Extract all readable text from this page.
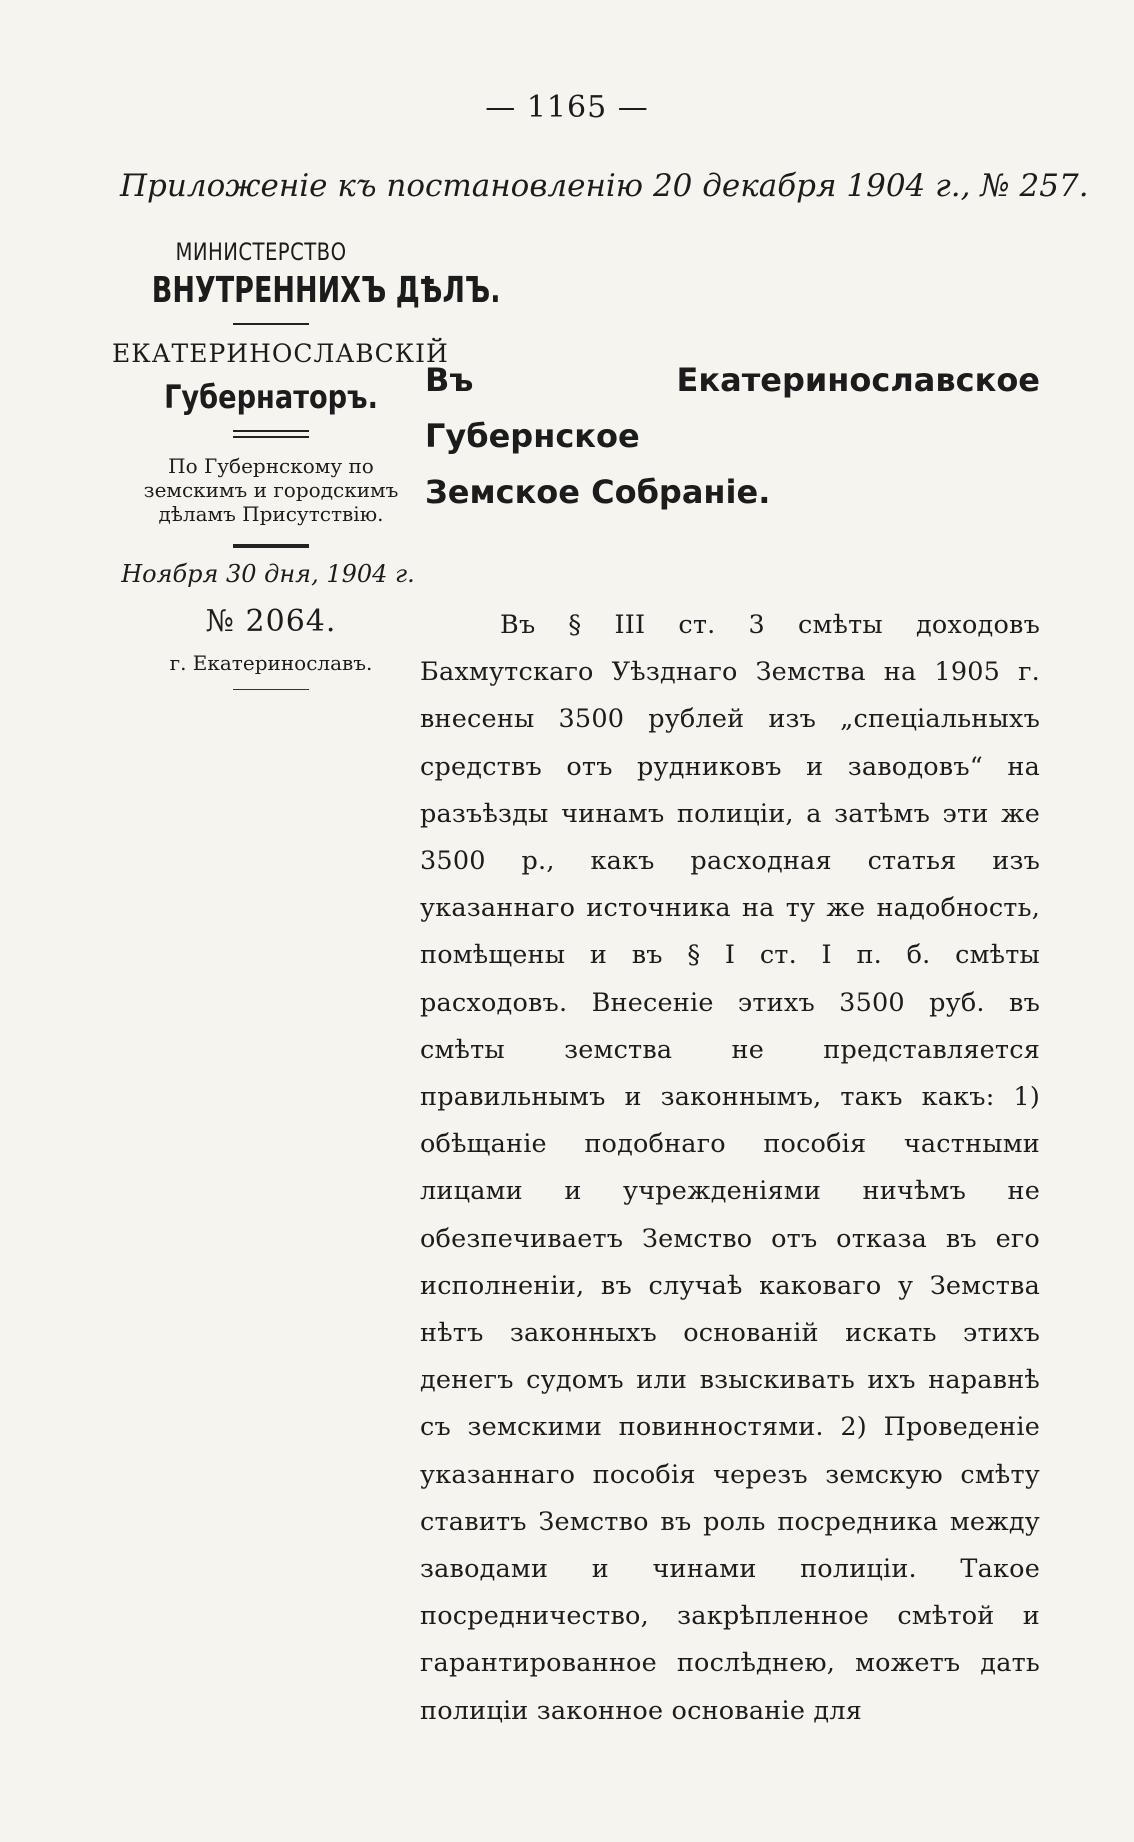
— 1165 —
Приложеніе къ постановленію 20 декабря 1904 г., № 257.
МИНИСТЕРСТВО
ВНУТРЕННИХЪ ДѢЛЪ.
ЕКАТЕРИНОСЛАВСКІЙ
Губернаторъ.
По Губернскому по земскимъ и городскимъ дѣламъ Присутствію.
Ноября 30 дня, 1904 г.
№ 2064.
г. Екатеринославъ.
Въ Екатеринославское Губернское
Земское Собраніе.
Въ § III ст. 3 смѣты доходовъ Бахмутскаго Уѣзднаго Земства на 1905 г. внесены 3500 рублей изъ „спеціальныхъ средствъ отъ рудниковъ и заводовъ“ на разъѣзды чинамъ полиціи, а затѣмъ эти же 3500 р., какъ расходная статья изъ указаннаго источника на ту же надобность, помѣщены и въ § I ст. I п. б. смѣты расходовъ. Внесеніе этихъ 3500 руб. въ смѣты земства не представляется правильнымъ и законнымъ, такъ какъ: 1) обѣщаніе подобнаго пособія частными лицами и учрежденіями ничѣмъ не обезпечиваетъ Земство отъ отказа въ его исполненіи, въ случаѣ каковаго у Земства нѣтъ законныхъ основаній искать этихъ денегъ судомъ или взыскивать ихъ наравнѣ съ земскими повинностями. 2) Проведеніе указаннаго пособія черезъ земскую смѣту ставитъ Земство въ роль посредника между заводами и чинами полиціи. Такое посредничество, закрѣпленное смѣтой и гарантированное послѣднею, можетъ дать полиціи законное основаніе для
